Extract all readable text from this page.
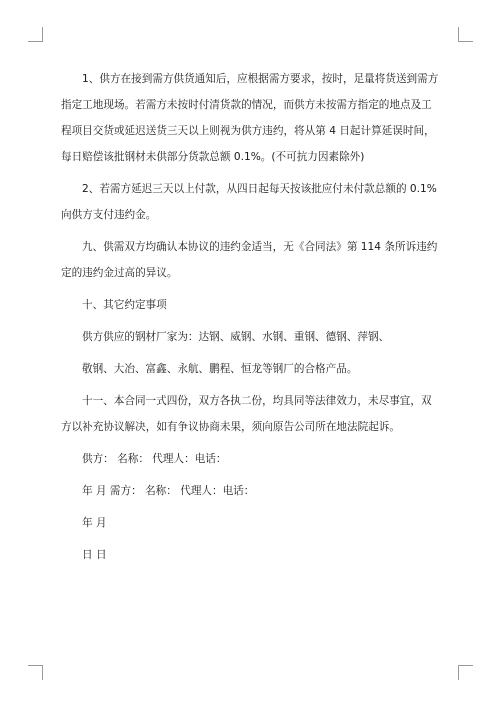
1、供方在接到需方供货通知后，应根据需方要求，按时，足量将货送到需方指定工地现场。若需方未按时付清货款的情况，而供方未按需方指定的地点及工程项目交货或延迟送货三天以上则视为供方违约，将从第 4 日起计算延误时间，每日赔偿该批钢材未供部分货款总额 0.1%。(不可抗力因素除外)

2、若需方延迟三天以上付款，从四日起每天按该批应付未付款总额的 0.1%向供方支付违约金。

九、供需双方均确认本协议的违约金适当，无《合同法》第 114 条所诉违约定的违约金过高的异议。

十、其它约定事项
供方供应的钢材厂家为：达钢、威钢、水钢、重钢、德钢、萍钢、
敬钢、大冶、富鑫、永航、鹏程、恒龙等钢厂的合格产品。

十一、本合同一式四份，双方各执二份，均具同等法律效力，未尽事宜，双方以补充协议解决，如有争议协商未果，须向原告公司所在地法院起诉。

供方： 名称： 代理人：电话：
年 月 需方： 名称： 代理人：电话：
年 月
日 日
